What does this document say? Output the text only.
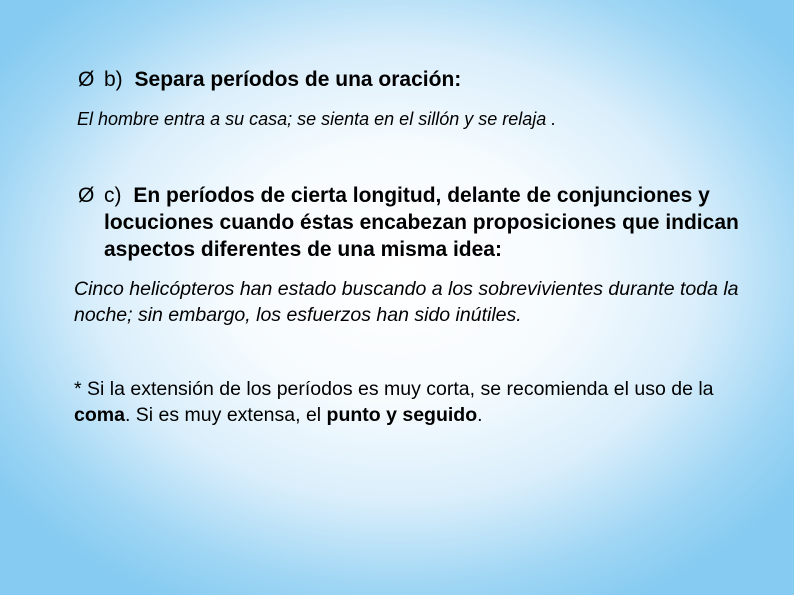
Ø b) Separa períodos de una oración:
El hombre entra a su casa; se sienta en el sillón y se relaja .
Ø c) En períodos de cierta longitud, delante de conjunciones y locuciones cuando éstas encabezan proposiciones que indican aspectos diferentes de una misma idea:
Cinco helicópteros han estado buscando a los sobrevivientes durante toda la noche; sin embargo, los esfuerzos han sido inútiles.
* Si la extensión de los períodos es muy corta, se recomienda el uso de la coma. Si es muy extensa, el punto y seguido.
